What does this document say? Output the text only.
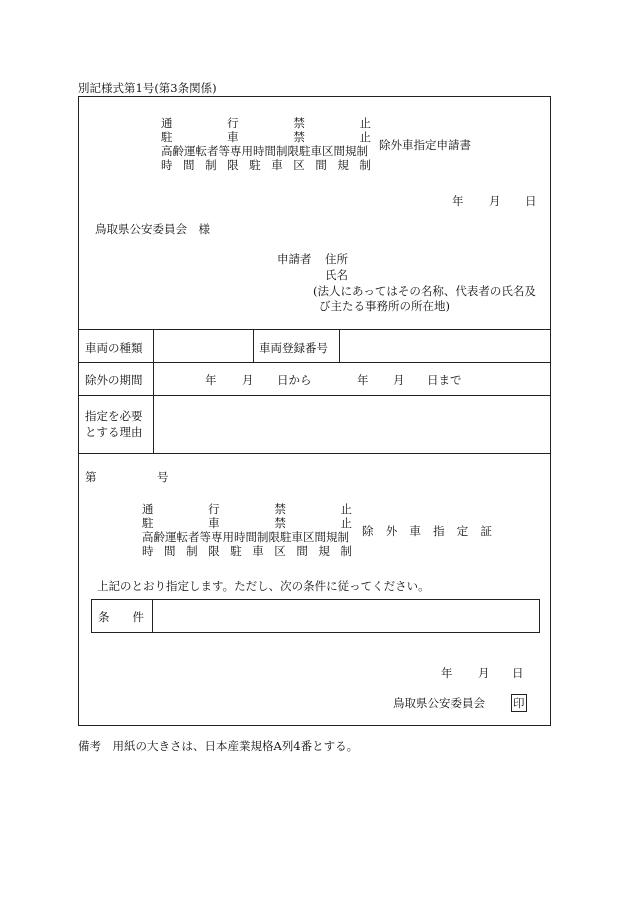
別記様式第1号(第3条関係)
通	行	禁	止
駐	車	禁	止
高齢運転者等専用時間制限駐車区間規制
時 間 制 限 駐 車 区 間 規 制
除外車指定申請書
年 月 日
鳥取県公安委員会　様
申請者 住所
氏名
(法人にあってはその名称、代表者の氏名及
び主たる事務所の所在地)
車両の種類	車両登録番号
除外の期間	年 月 日から	年 月 日まで
指定を必要
とする理由
第	号
通	行	禁	止
駐	車	禁	止
高齢運転者等専用時間制限駐車区間規制
時 間 制 限 駐 車 区 間 規 制
除 外 車 指 定 証
上記のとおり指定します。ただし、次の条件に従ってください。
条 件
年 月 日
鳥取県公安委員会 印
備考　用紙の大きさは、日本産業規格A列4番とする。
